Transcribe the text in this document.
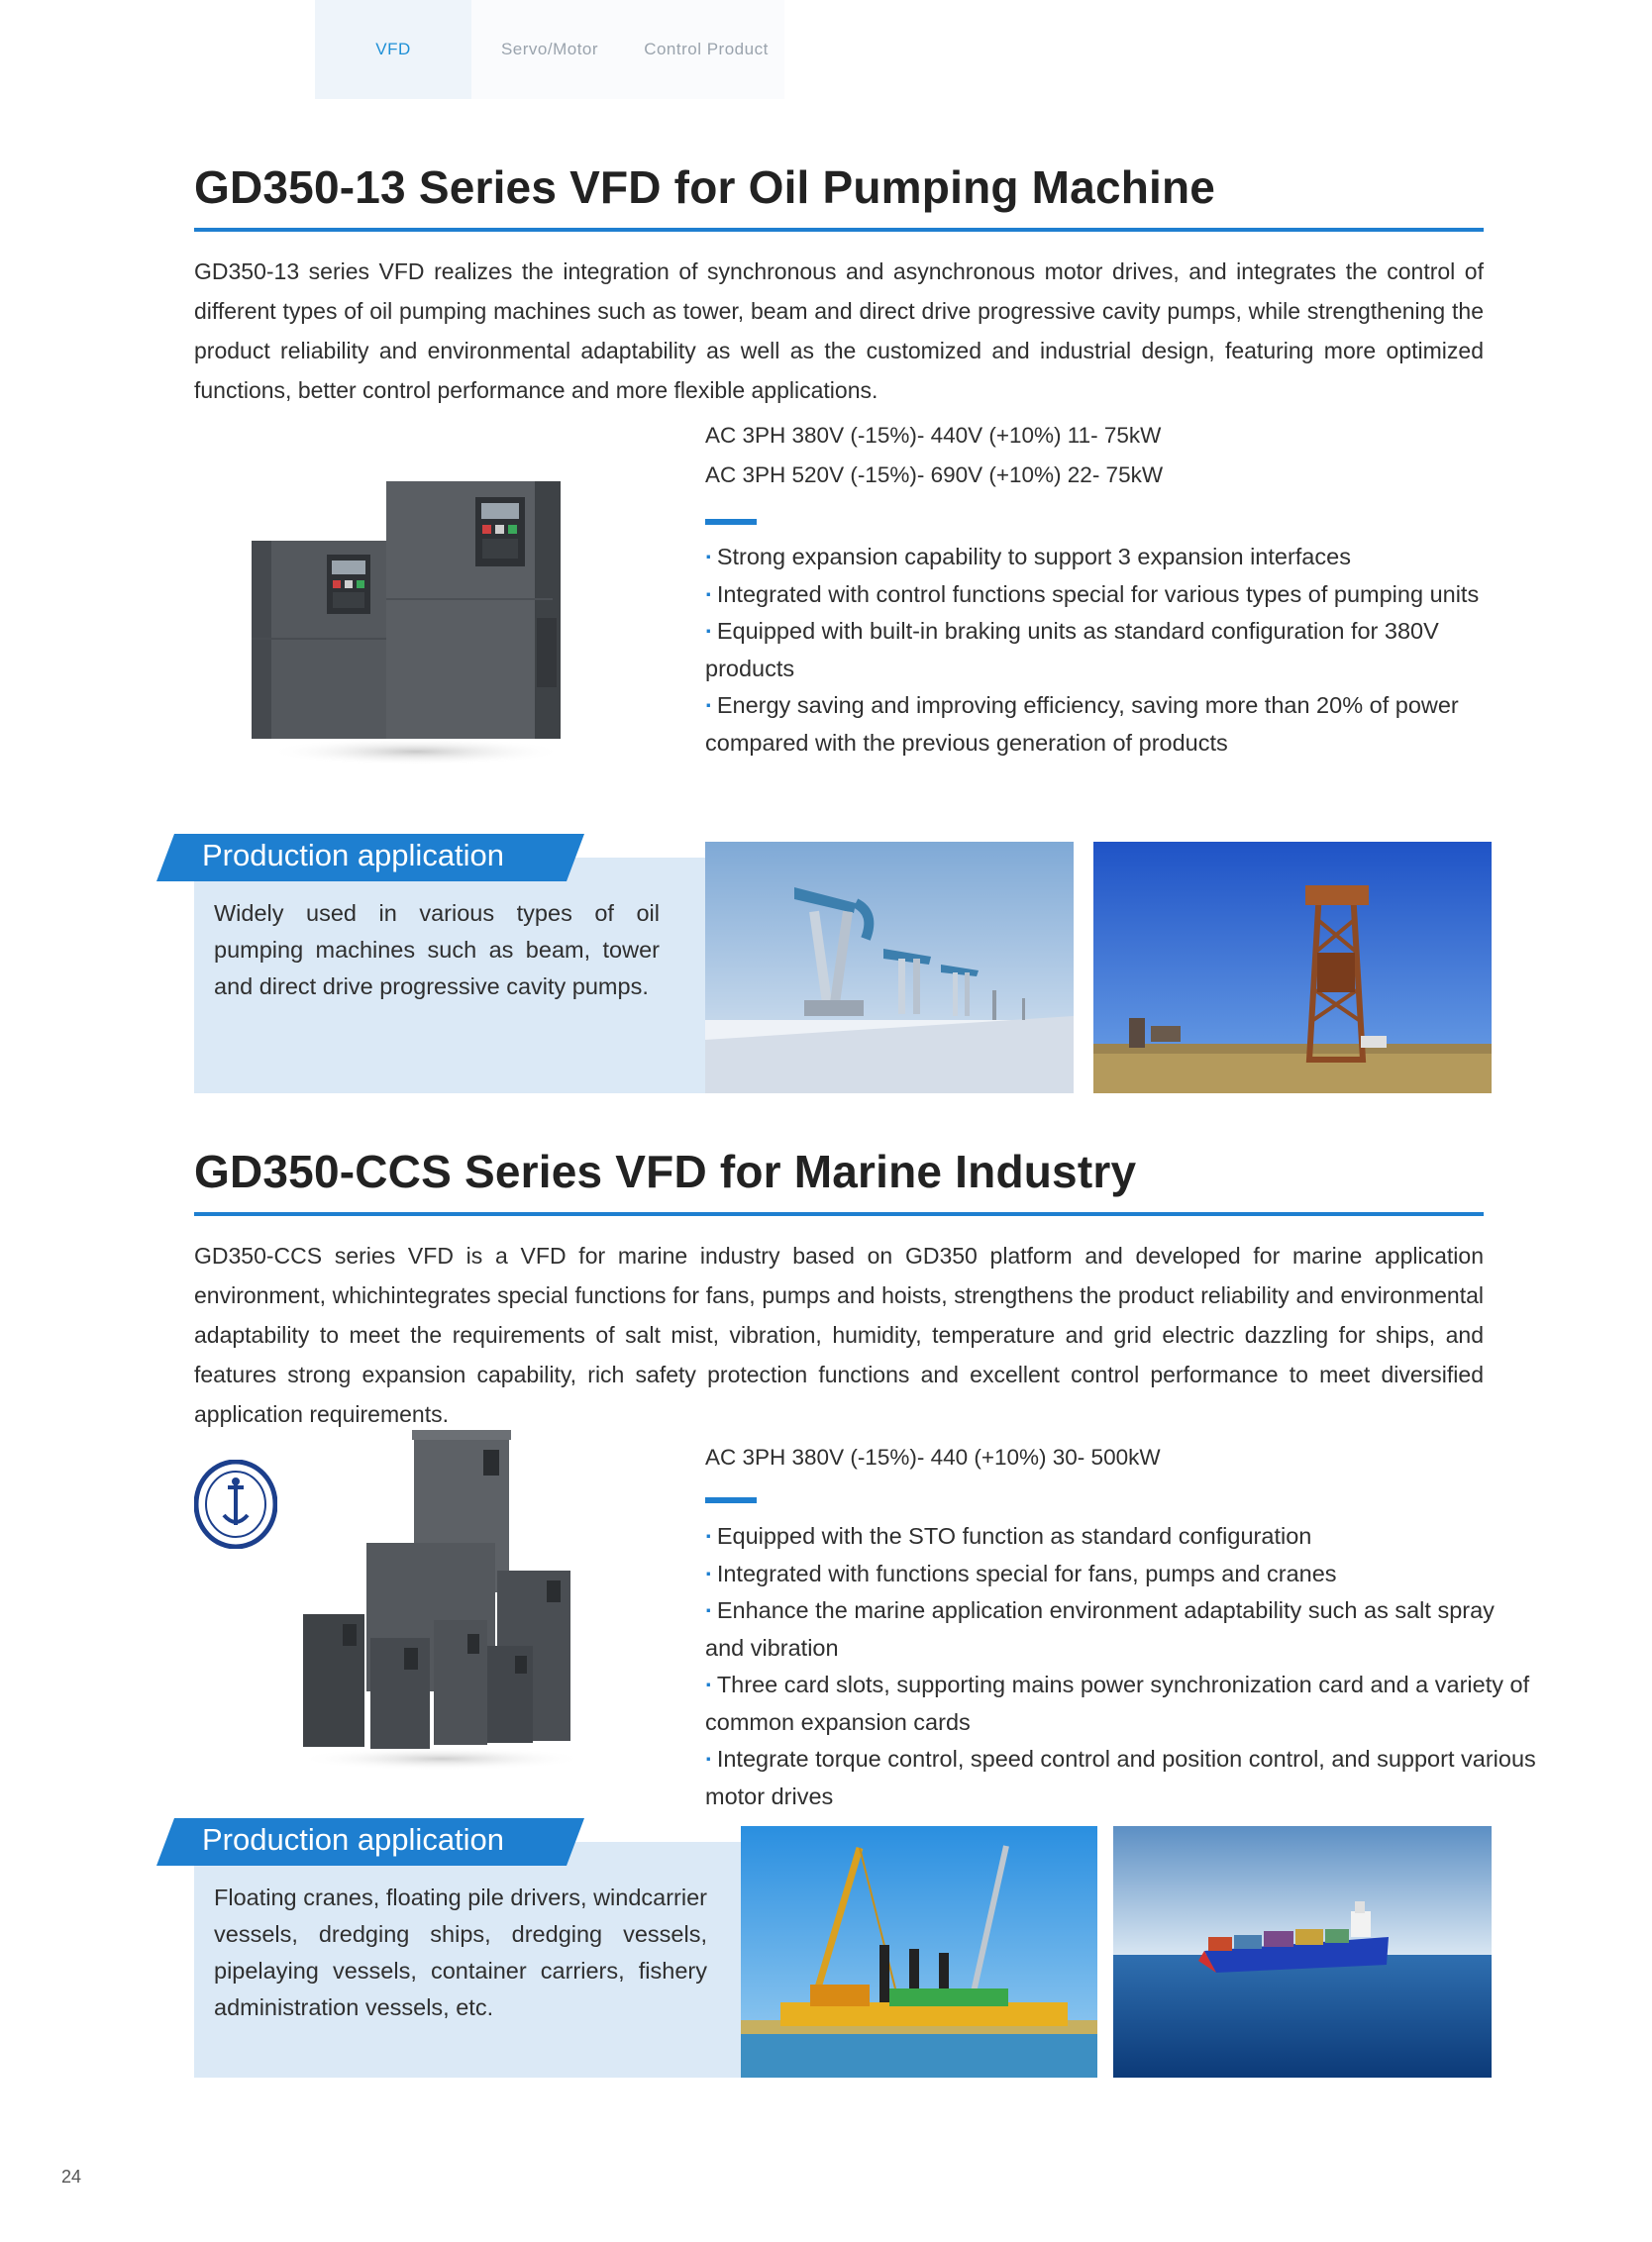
VFD	Servo/Motor	Control Product
GD350-13 Series VFD for Oil Pumping Machine

GD350-13 series VFD realizes the integration of synchronous and asynchronous motor drives, and integrates the control of different types of oil pumping machines such as tower, beam and direct drive progressive cavity pumps, while strengthening the product reliability and environmental adaptability as well as the customized and industrial design, featuring more optimized functions, better control performance and more flexible applications.

AC 3PH 380V (-15%)- 440V (+10%) 11- 75kW

AC 3PH 520V (-15%)- 690V (+10%) 22- 75kW

· Strong expansion capability to support 3 expansion interfaces
· Integrated with control functions special for various types of pumping units
· Equipped with built-in braking units as standard configuration for 380V products
· Energy saving and improving efficiency, saving more than 20% of power compared with the previous generation of products
Production application

Widely used in various types of oil pumping machines such as beam, tower and direct drive progressive cavity pumps.

GD350-CCS Series VFD for Marine Industry

GD350-CCS series VFD is a VFD for marine industry based on GD350 platform and developed for marine application environment, whichintegrates special functions for fans, pumps and hoists, strengthens the product reliability and environmental adaptability to meet the requirements of salt mist, vibration, humidity, temperature and grid electric dazzling for ships, and features strong expansion capability, rich safety protection functions and excellent control performance to meet diversified application requirements.

AC 3PH 380V (-15%)- 440 (+10%) 30- 500kW

· Equipped with the STO function as standard configuration
· Integrated with functions special for fans, pumps and cranes
· Enhance the marine application environment adaptability such as salt spray and vibration
· Three card slots, supporting mains power synchronization card and a variety of common expansion cards
· Integrate torque control, speed control and position control, and support various motor drives
Production application

Floating cranes, floating pile drivers, windcarrier vessels, dredging ships, dredging vessels, pipelaying vessels, container carriers, fishery administration vessels, etc.

24
